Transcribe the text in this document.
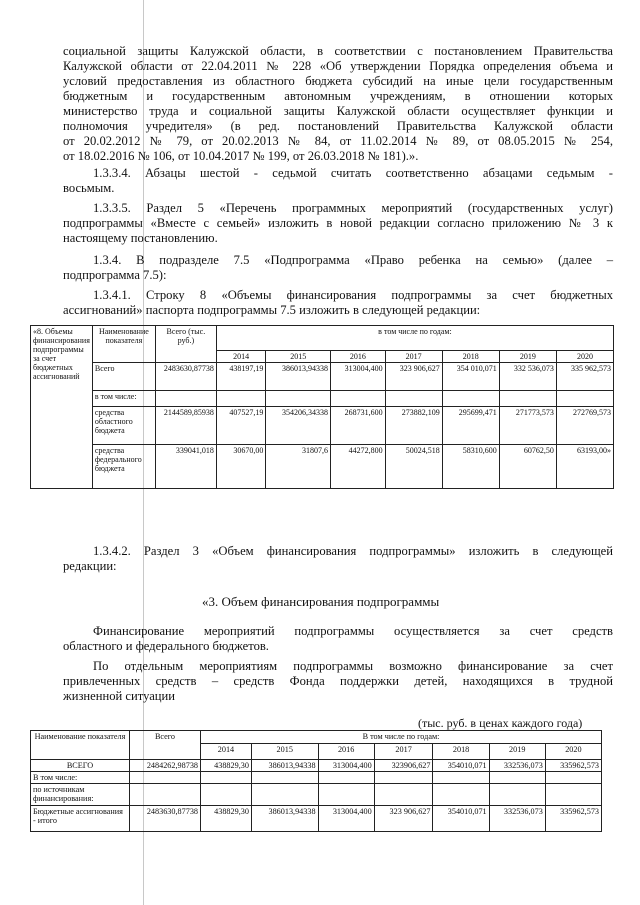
социальной защиты Калужской области, в соответствии с постановлением Правительства
Калужской области от 22.04.2011 № 228 «Об утверждении Порядка определения объема и
условий предоставления из областного бюджета субсидий на иные цели государственным
бюджетным и государственным автономным учреждениям, в отношении которых
министерство труда и социальной защиты Калужской области осуществляет функции и
полномочия учредителя» (в ред. постановлений Правительства Калужской области
от 20.02.2012 № 79, от 20.02.2013 № 84, от 11.02.2014 № 89, от 08.05.2015 № 254,
от 18.02.2016 № 106, от 10.04.2017 № 199, от 26.03.2018 № 181).».
1.3.3.4. Абзацы шестой - седьмой считать соответственно абзацами седьмым -
восьмым.
1.3.3.5. Раздел 5 «Перечень программных мероприятий (государственных услуг)
подпрограммы «Вместе с семьей» изложить в новой редакции согласно приложению № 3 к
настоящему постановлению.
1.3.4. В подразделе 7.5 «Подпрограмма «Право ребенка на семью» (далее –
подпрограмма 7.5):
1.3.4.1. Строку 8 «Объемы финансирования подпрограммы за счет бюджетных
ассигнований» паспорта подпрограммы 7.5 изложить в следующей редакции:
«8. Объемы финансирования подпрограммы за счет бюджетных ассигнований	Наименование показателя	Всего (тыс. руб.)	в том числе по годам:						
			2014	2015	2016	2017	2018	2019	2020
	Всего	2483630,87738	438197,19	386013,94338	313004,400	323 906,627	354 010,071	332 536,073	335 962,573
	в том числе:								
	средства областного бюджета	2144589,85938	407527,19	354206,34338	268731,600	273882,109	295699,471	271773,573	272769,573
	средства федерального бюджета	339041,018	30670,00	31807,6	44272,800	50024,518	58310,600	60762,50	63193,00»
1.3.4.2. Раздел 3 «Объем финансирования подпрограммы» изложить в следующей
редакции:
«3. Объем финансирования подпрограммы
Финансирование мероприятий подпрограммы осуществляется за счет средств
областного и федерального бюджетов.
По отдельным мероприятиям подпрограммы возможно финансирование за счет
привлеченных средств – средств Фонда поддержки детей, находящихся в трудной
жизненной ситуации
(тыс. руб. в ценах каждого года)
Наименование показателя	Всего	В том числе по годам:						
		2014	2015	2016	2017	2018	2019	2020
ВСЕГО	2484262,98738	438829,30	386013,94338	313004,400	323906,627	354010,071	332536,073	335962,573
В том числе:								
по источникам финансирования:								
Бюджетные ассигнования - итого	2483630,87738	438829,30	386013,94338	313004,400	323 906,627	354010,071	332536,073	335962,573
